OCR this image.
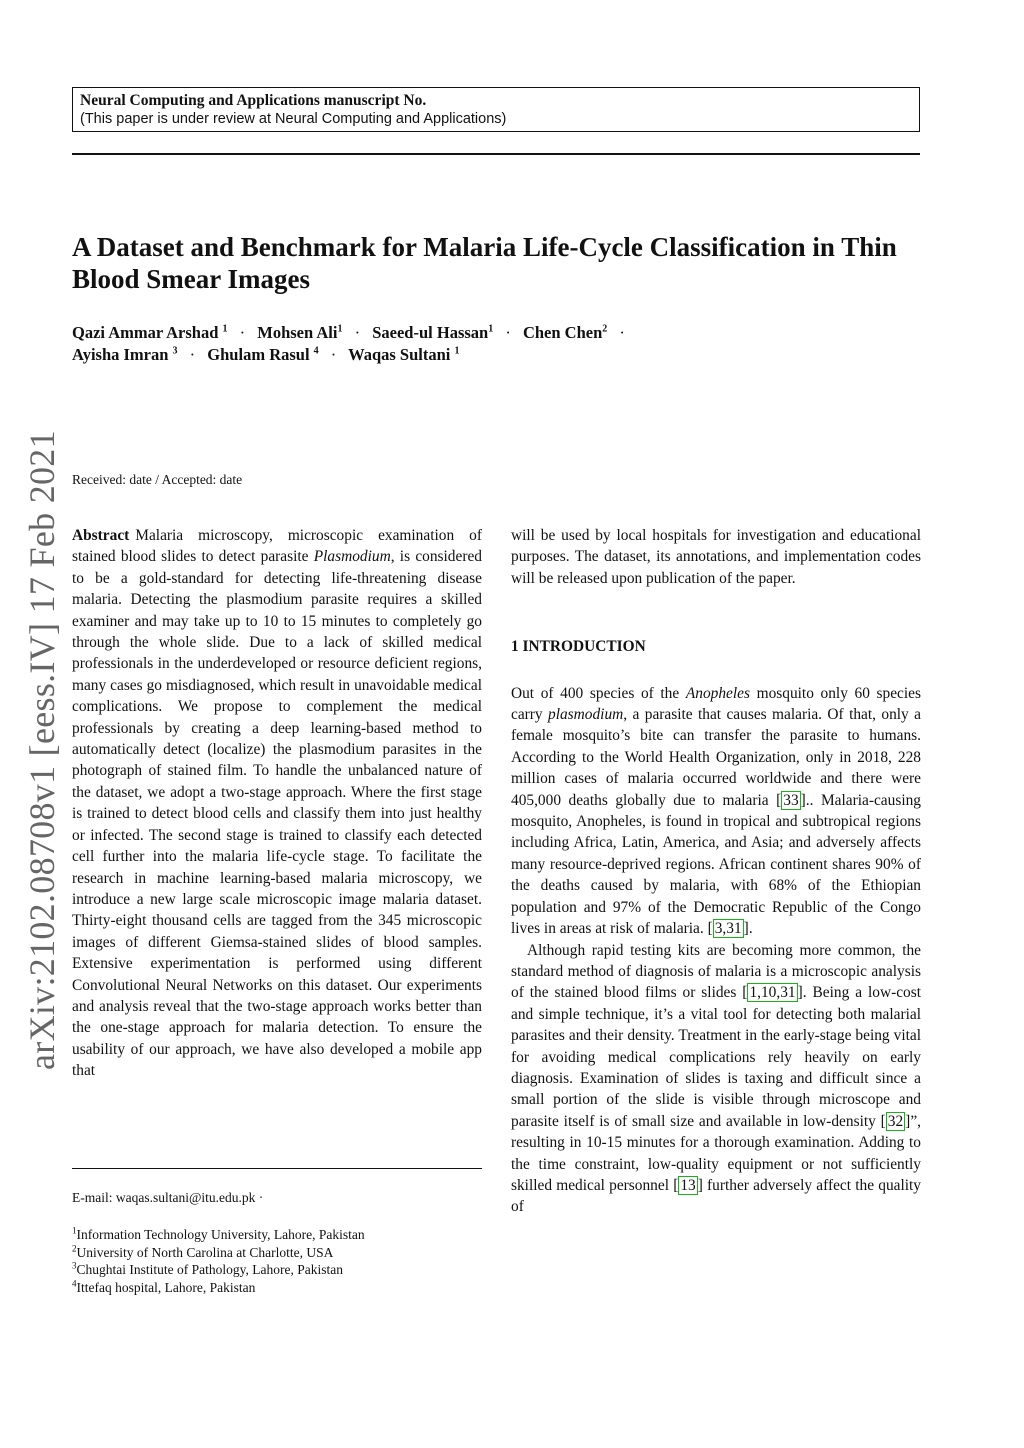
Neural Computing and Applications manuscript No.
(This paper is under review at Neural Computing and Applications)
arXiv:2102.08708v1 [eess.IV] 17 Feb 2021
A Dataset and Benchmark for Malaria Life-Cycle Classification in Thin Blood Smear Images
Qazi Ammar Arshad $^1$ · Mohsen Ali$^1$ · Saeed-ul Hassan$^1$ · Chen Chen$^2$ · Ayisha Imran $^3$ · Ghulam Rasul $^4$ · Waqas Sultani $^1$
Received: date / Accepted: date

Abstract Malaria microscopy, microscopic examination of stained blood slides to detect parasite Plasmodium, is considered to be a gold-standard for detecting life-threatening disease malaria. Detecting the plasmodium parasite requires a skilled examiner and may take up to 10 to 15 minutes to completely go through the whole slide. Due to a lack of skilled medical professionals in the underdeveloped or resource deficient regions, many cases go misdiagnosed, which result in unavoidable medical complications. We propose to complement the medical professionals by creating a deep learning-based method to automatically detect (localize) the plasmodium parasites in the photograph of stained film. To handle the unbalanced nature of the dataset, we adopt a two-stage approach. Where the first stage is trained to detect blood cells and classify them into just healthy or infected. The second stage is trained to classify each detected cell further into the malaria life-cycle stage. To facilitate the research in machine learning-based malaria microscopy, we introduce a new large scale microscopic image malaria dataset. Thirty-eight thousand cells are tagged from the 345 microscopic images of different Giemsa-stained slides of blood samples. Extensive experimentation is performed using different Convolutional Neural Networks on this dataset. Our experiments and analysis reveal that the two-stage approach works better than the one-stage approach for malaria detection. To ensure the usability of our approach, we have also developed a mobile app that

will be used by local hospitals for investigation and educational purposes. The dataset, its annotations, and implementation codes will be released upon publication of the paper.

1 INTRODUCTION

Out of 400 species of the Anopheles mosquito only 60 species carry plasmodium, a parasite that causes malaria. Of that, only a female mosquito’s bite can transfer the parasite to humans. According to the World Health Organization, only in 2018, 228 million cases of malaria occurred worldwide and there were 405,000 deaths globally due to malaria [ 33 ].. Malaria-causing mosquito, Anopheles, is found in tropical and subtropical regions including Africa, Latin, America, and Asia; and adversely affects many resource-deprived regions. African continent shares 90% of the deaths caused by malaria, with 68% of the Ethiopian population and 97% of the Democratic Republic of the Congo lives in areas at risk of malaria. [ 3,31 ].

Although rapid testing kits are becoming more common, the standard method of diagnosis of malaria is a microscopic analysis of the stained blood films or slides [ 1,10,31 ]. Being a low-cost and simple technique, it’s a vital tool for detecting both malarial parasites and their density. Treatment in the early-stage being vital for avoiding medical complications rely heavily on early diagnosis. Examination of slides is taxing and difficult since a small portion of the slide is visible through microscope and parasite itself is of small size and available in low-density [ 32 ]”, resulting in 10-15 minutes for a thorough examination. Adding to the time constraint, low-quality equipment or not sufficiently skilled medical personnel [ 13 ] further adversely affect the quality of

E-mail: waqas.sultani@itu.edu.pk ·
$^1$Information Technology University, Lahore, Pakistan
$^2$University of North Carolina at Charlotte, USA
$^3$Chughtai Institute of Pathology, Lahore, Pakistan
$^4$Ittefaq hospital, Lahore, Pakistan
